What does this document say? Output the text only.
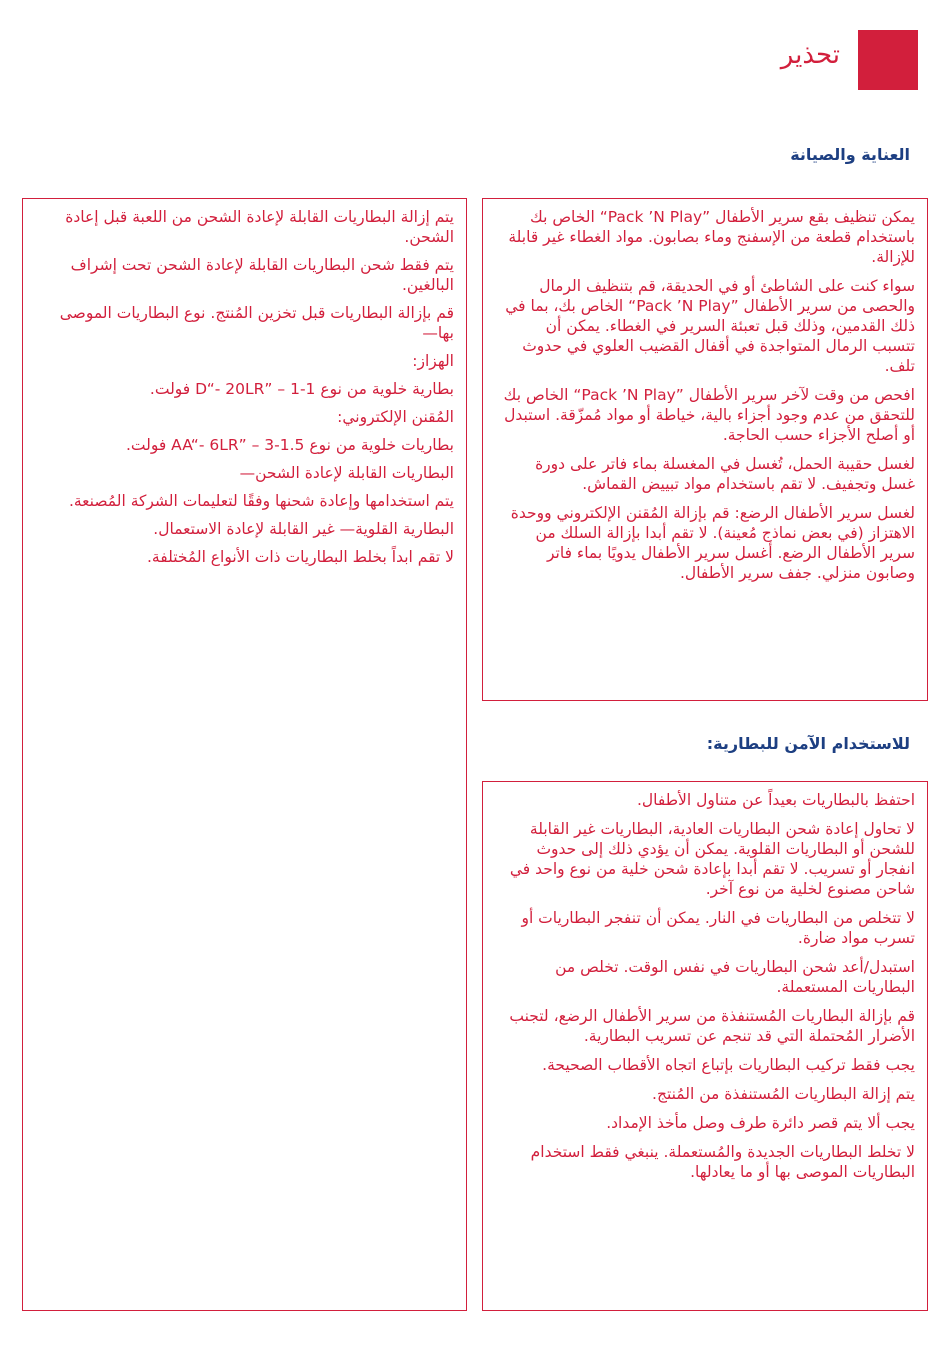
تحذير
العناية والصيانة

يمكن تنظيف بقع سرير الأطفال ”Pack ’N Play“ الخاص بك باستخدام قطعة من الإسفنج وماء بصابون. مواد الغطاء غير قابلة للإزالة.

سواء كنت على الشاطئ أو في الحديقة، قم بتنظيف الرمال والحصى من سرير الأطفال ”Pack ’N Play“ الخاص بك، بما في ذلك القدمين، وذلك قبل تعبئة السرير في الغطاء. يمكن أن تتسبب الرمال المتواجدة في أقفال القضيب العلوي في حدوث تلف.

افحص من وقت لآخر سرير الأطفال ”Pack ’N Play“ الخاص بك للتحقق من عدم وجود أجزاء بالية، خياطة أو مواد مُمزّقة. استبدل أو أصلح الأجزاء حسب الحاجة.

لغسل حقيبة الحمل، تُغسل في المغسلة بماء فاتر على دورة غسل وتجفيف. لا تقم باستخدام مواد تبييض القماش.

لغسل سرير الأطفال الرضع: قم بإزالة المُقنن الإلكتروني ووحدة الاهتزاز (في بعض نماذج مُعينة). لا تقم أبدا بإزالة السلك من سرير الأطفال الرضع. أغسل سرير الأطفال يدويًا بماء فاتر وصابون منزلي. جفف سرير الأطفال.

للاستخدام الآمن للبطارية:

احتفظ بالبطاريات بعيداً عن متناول الأطفال.

لا تحاول إعادة شحن البطاريات العادية، البطاريات غير القابلة للشحن أو البطاريات القلوية. يمكن أن يؤدي ذلك إلى حدوث انفجار أو تسريب. لا تقم أبدا بإعادة شحن خلية من نوع واحد في شاحن مصنوع لخلية من نوع آخر.

لا تتخلص من البطاريات في النار. يمكن أن تنفجر البطاريات أو تسرب مواد ضارة.

استبدل/أعد شحن البطاريات في نفس الوقت. تخلص من البطاريات المستعملة.

قم بإزالة البطاريات المُستنفذة من سرير الأطفال الرضع، لتجنب الأضرار المُحتملة التي قد تنجم عن تسريب البطارية.

يجب فقط تركيب البطاريات بإتباع اتجاه الأقطاب الصحيحة.

يتم إزالة البطاريات المُستنفذة من المُنتج.

يجب ألا يتم قصر دائرة طرف وصل مأخذ الإمداد.

لا تخلط البطاريات الجديدة والمُستعملة. ينبغي فقط استخدام البطاريات الموصى بها أو ما يعادلها.

يتم إزالة البطاريات القابلة لإعادة الشحن من اللعبة قبل إعادة الشحن.

يتم فقط شحن البطاريات القابلة لإعادة الشحن تحت إشراف البالغين.

قم بإزالة البطاريات قبل تخزين المُنتج. نوع البطاريات الموصى بها—

الهزاز:

بطارية خلوية من نوع 1-1 – ”D“- 20LR فولت.

المُقنن الإلكتروني:

بطاريات خلوية من نوع 1.5-3 – ”AA“- 6LR فولت.

البطاريات القابلة لإعادة الشحن—

يتم استخدامها وإعادة شحنها وفقًا لتعليمات الشركة المُصنعة.

البطارية القلوية— غير القابلة لإعادة الاستعمال.

لا تقم ابداً بخلط البطاريات ذات الأنواع المُختلفة.
